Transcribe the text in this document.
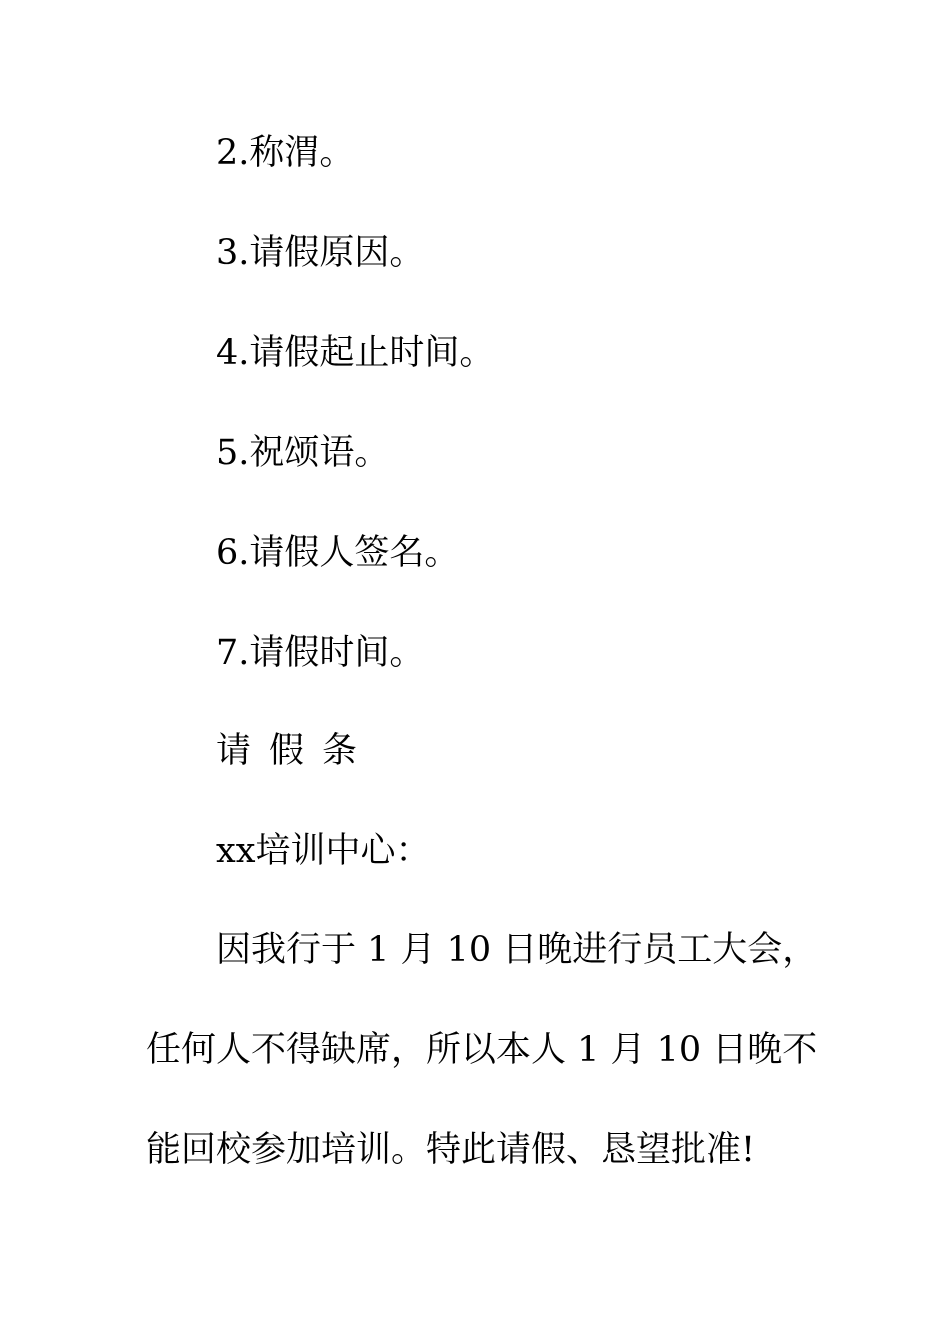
2.称渭。
3.请假原因。
4.请假起止时间。
5.祝颂语。
6.请假人签名。
7.请假时间。
请假条
xx培训中心：
因我行于 1 月 10 日晚进行员工大会，
任何人不得缺席，所以本人 1 月 10 日晚不
能回校参加培训。特此请假、恳望批准!
